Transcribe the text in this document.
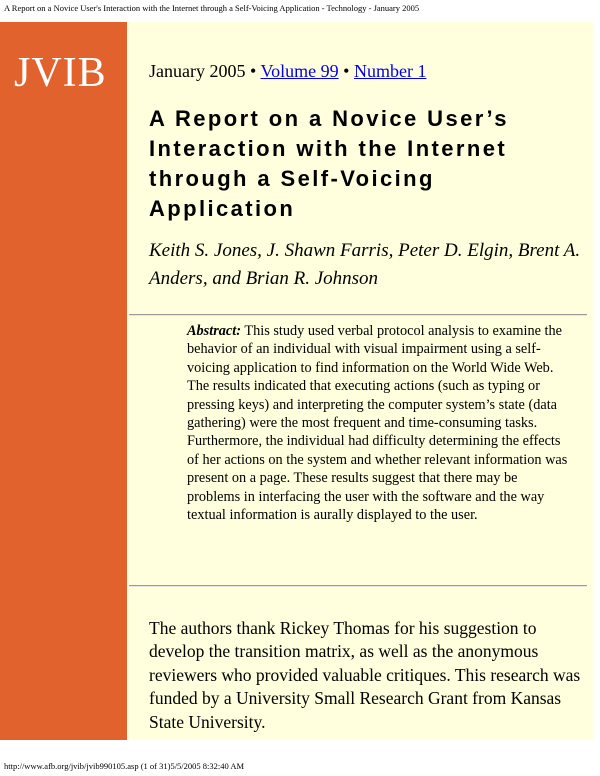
A Report on a Novice User's Interaction with the Internet through a Self-Voicing Application - Technology - January 2005
JVIB January 2005 • Volume 99 • Number 1
A Report on a Novice User’s Interaction with the Internet through a Self-Voicing Application

Keith S. Jones, J. Shawn Farris, Peter D. Elgin, Brent A. Anders, and Brian R. Johnson

Abstract: This study used verbal protocol analysis to examine the behavior of an individual with visual impairment using a self-voicing application to find information on the World Wide Web. The results indicated that executing actions (such as typing or pressing keys) and interpreting the computer system’s state (data gathering) were the most frequent and time-consuming tasks. Furthermore, the individual had difficulty determining the effects of her actions on the system and whether relevant information was present on a page. These results suggest that there may be problems in interfacing the user with the software and the way textual information is aurally displayed to the user.

The authors thank Rickey Thomas for his suggestion to develop the transition matrix, as well as the anonymous reviewers who provided valuable critiques. This research was funded by a University Small Research Grant from Kansas State University.

http://www.afb.org/jvib/jvib990105.asp (1 of 31)5/5/2005 8:32:40 AM
